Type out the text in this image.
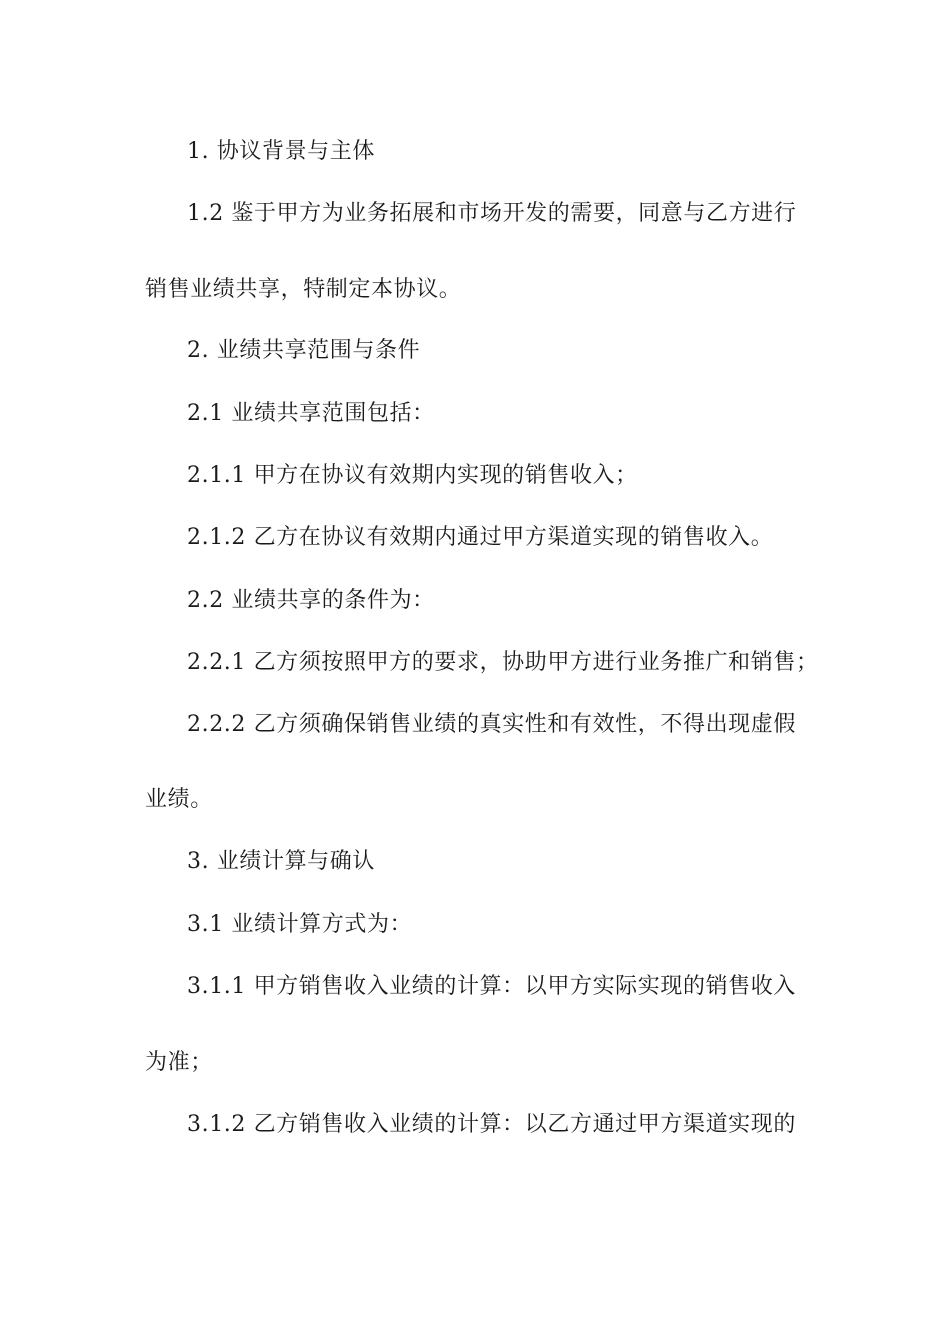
1. 协议背景与主体
1.2 鉴于甲方为业务拓展和市场开发的需要，同意与乙方进行
销售业绩共享，特制定本协议。
2. 业绩共享范围与条件
2.1 业绩共享范围包括：
2.1.1 甲方在协议有效期内实现的销售收入；
2.1.2 乙方在协议有效期内通过甲方渠道实现的销售收入。
2.2 业绩共享的条件为：
2.2.1 乙方须按照甲方的要求，协助甲方进行业务推广和销售；
2.2.2 乙方须确保销售业绩的真实性和有效性，不得出现虚假
业绩。
3. 业绩计算与确认
3.1 业绩计算方式为：
3.1.1 甲方销售收入业绩的计算：以甲方实际实现的销售收入
为准；
3.1.2 乙方销售收入业绩的计算：以乙方通过甲方渠道实现的
